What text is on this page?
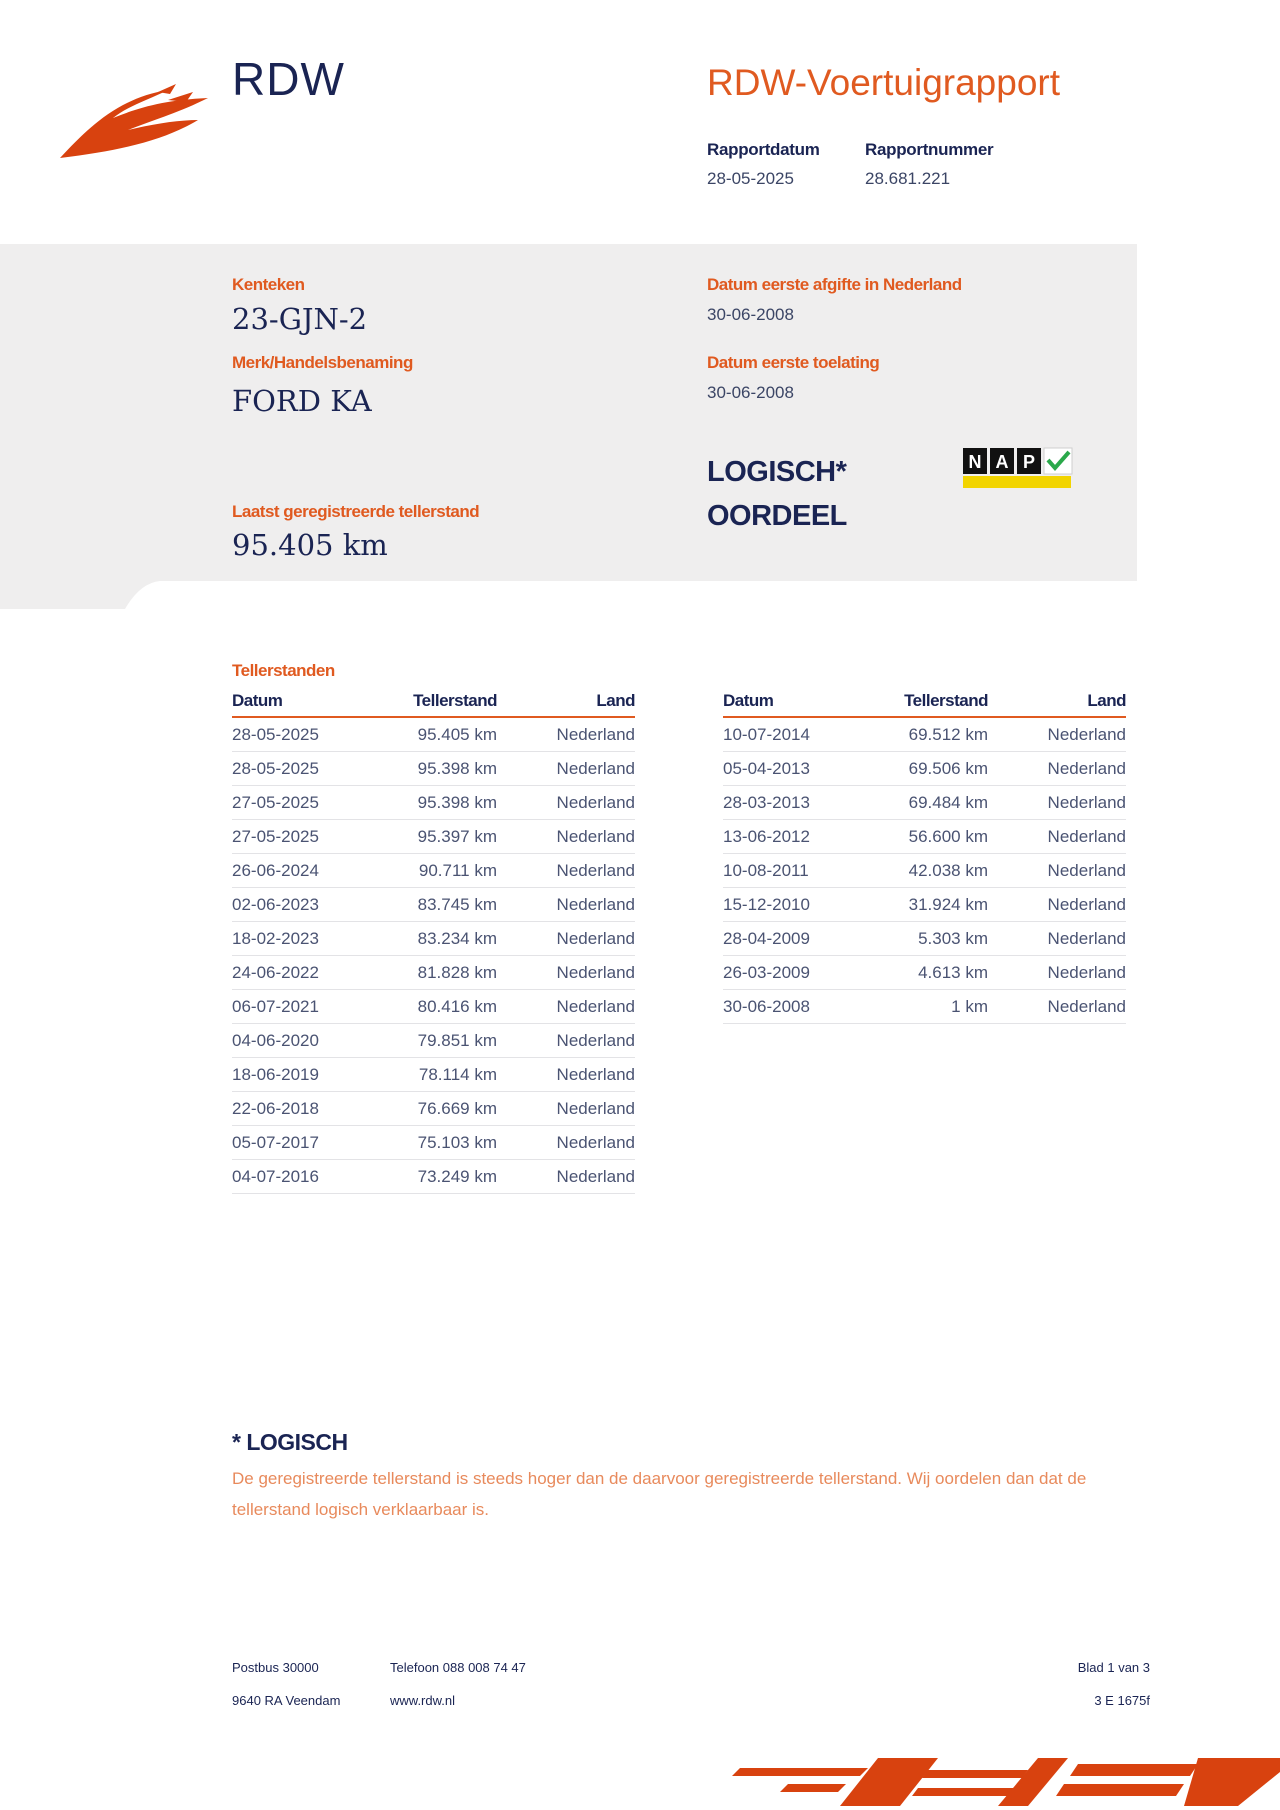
RDW	RDW-Voertuigrapport
Rapportdatum
28-05-2025
Rapportnummer
28.681.221
Kenteken
23-GJN-2
Merk/Handelsbenaming
FORD KA
Laatst geregistreerde tellerstand
95.405 km
Datum eerste afgifte in Nederland
30-06-2008
Datum eerste toelating
30-06-2008
LOGISCH*
OORDEEL
N A P
Tellerstanden
Datum	Tellerstand	Land
28-05-2025	95.405 km	Nederland
28-05-2025	95.398 km	Nederland
27-05-2025	95.398 km	Nederland
27-05-2025	95.397 km	Nederland
26-06-2024	90.711 km	Nederland
02-06-2023	83.745 km	Nederland
18-02-2023	83.234 km	Nederland
24-06-2022	81.828 km	Nederland
06-07-2021	80.416 km	Nederland
04-06-2020	79.851 km	Nederland
18-06-2019	78.114 km	Nederland
22-06-2018	76.669 km	Nederland
05-07-2017	75.103 km	Nederland
04-07-2016	73.249 km	Nederland
Datum	Tellerstand	Land
10-07-2014	69.512 km	Nederland
05-04-2013	69.506 km	Nederland
28-03-2013	69.484 km	Nederland
13-06-2012	56.600 km	Nederland
10-08-2011	42.038 km	Nederland
15-12-2010	31.924 km	Nederland
28-04-2009	5.303 km	Nederland
26-03-2009	4.613 km	Nederland
30-06-2008	1 km	Nederland
* LOGISCH
De geregistreerde tellerstand is steeds hoger dan de daarvoor geregistreerde tellerstand. Wij oordelen dan dat de tellerstand logisch verklaarbaar is.
Postbus 30000
9640 RA Veendam
Telefoon 088 008 74 47
www.rdw.nl
Blad 1 van 3
3 E 1675f
